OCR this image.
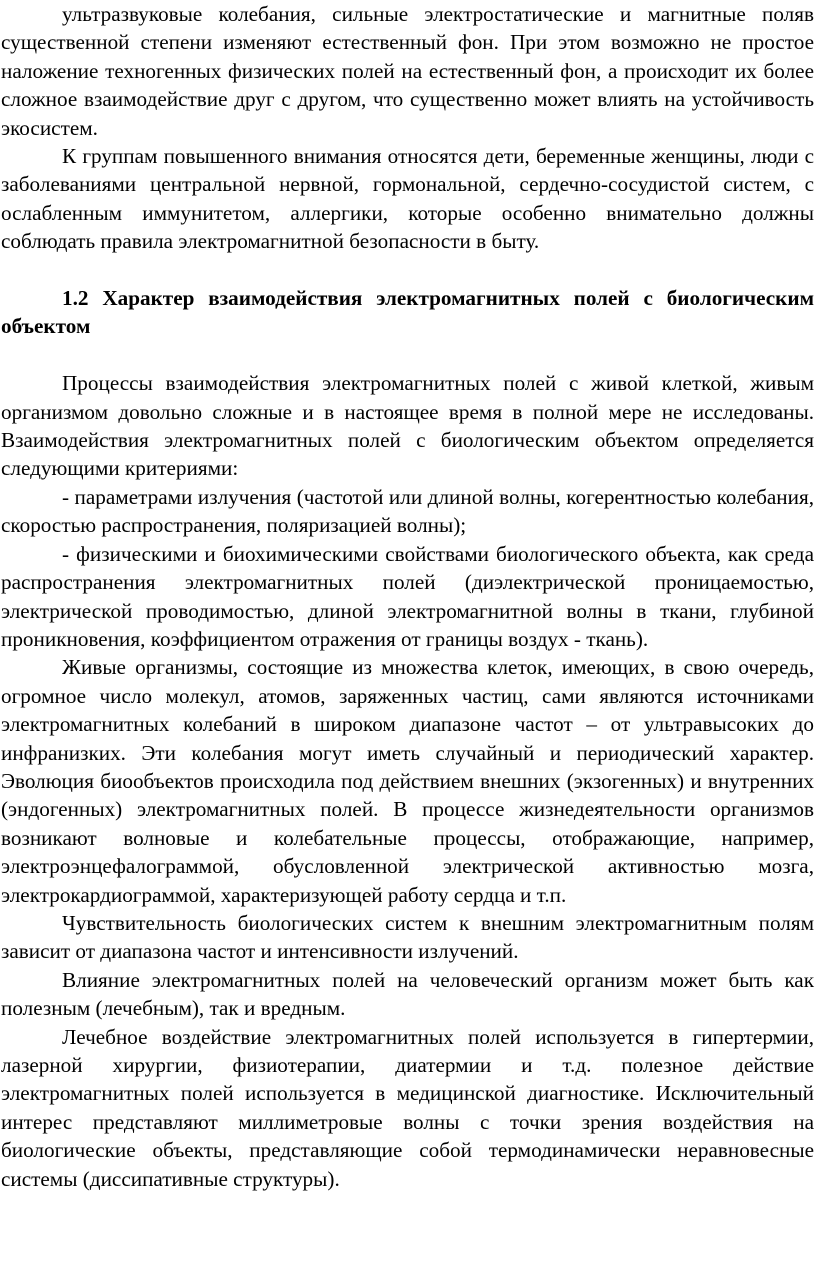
ультразвуковые колебания, сильные электростатические и магнитные поляв существенной степени изменяют естественный фон. При этом возможно не простое наложение техногенных физических полей на естественный фон, а происходит их более сложное взаимодействие друг с другом, что существенно может влиять на устойчивость экосистем.

К группам повышенного внимания относятся дети, беременные женщины, люди с заболеваниями центральной нервной, гормональной, сердечно-сосудистой систем, с ослабленным иммунитетом, аллергики, которые особенно внимательно должны соблюдать правила электромагнитной безопасности в быту.

1.2 Характер взаимодействия электромагнитных полей с биологическим объектом

Процессы взаимодействия электромагнитных полей с живой клеткой, живым организмом довольно сложные и в настоящее время в полной мере не исследованы. Взаимодействия электромагнитных полей с биологическим объектом определяется следующими критериями:

- параметрами излучения (частотой или длиной волны, когерентностью колебания, скоростью распространения, поляризацией волны);

- физическими и биохимическими свойствами биологического объекта, как среда распространения электромагнитных полей (диэлектрической проницаемостью, электрической проводимостью, длиной электромагнитной волны в ткани, глубиной проникновения, коэффициентом отражения от границы воздух - ткань).

Живые организмы, состоящие из множества клеток, имеющих, в свою очередь, огромное число молекул, атомов, заряженных частиц, сами являются источниками электромагнитных колебаний в широком диапазоне частот – от ультравысоких до инфранизких. Эти колебания могут иметь случайный и периодический характер. Эволюция биообъектов происходила под действием внешних (экзогенных) и внутренних (эндогенных) электромагнитных полей. В процессе жизнедеятельности организмов возникают волновые и колебательные процессы, отображающие, например, электроэнцефалограммой, обусловленной электрической активностью мозга, электрокардиограммой, характеризующей работу сердца и т.п.

Чувствительность биологических систем к внешним электромагнитным полям зависит от диапазона частот и интенсивности излучений.

Влияние электромагнитных полей на человеческий организм может быть как полезным (лечебным), так и вредным.

Лечебное воздействие электромагнитных полей используется в гипертермии, лазерной хирургии, физиотерапии, диатермии и т.д. полезное действие электромагнитных полей используется в медицинской диагностике. Исключительный интерес представляют миллиметровые волны с точки зрения воздействия на биологические объекты, представляющие собой термодинамически неравновесные системы (диссипативные структуры).
